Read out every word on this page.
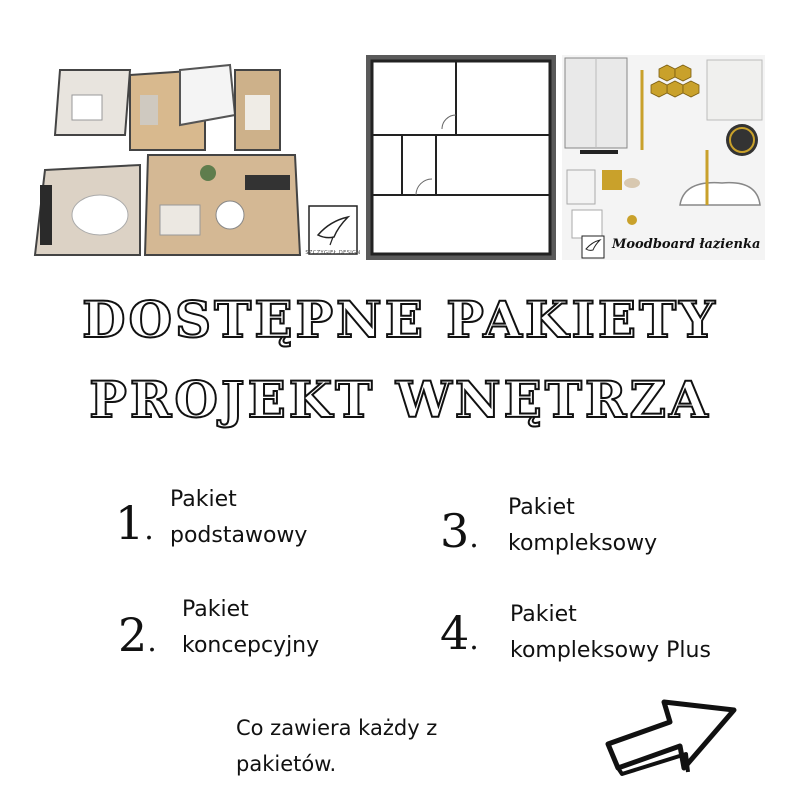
SZCZYGIEŁ DESIGN
Moodboard łazienka
DOSTĘPNE PAKIETY
PROJEKT WNĘTRZA
1.
Pakiet
podstawowy
2.
Pakiet
koncepcyjny
3.
Pakiet
kompleksowy
4.
Pakiet
kompleksowy Plus
Co zawiera każdy z
pakietów.
